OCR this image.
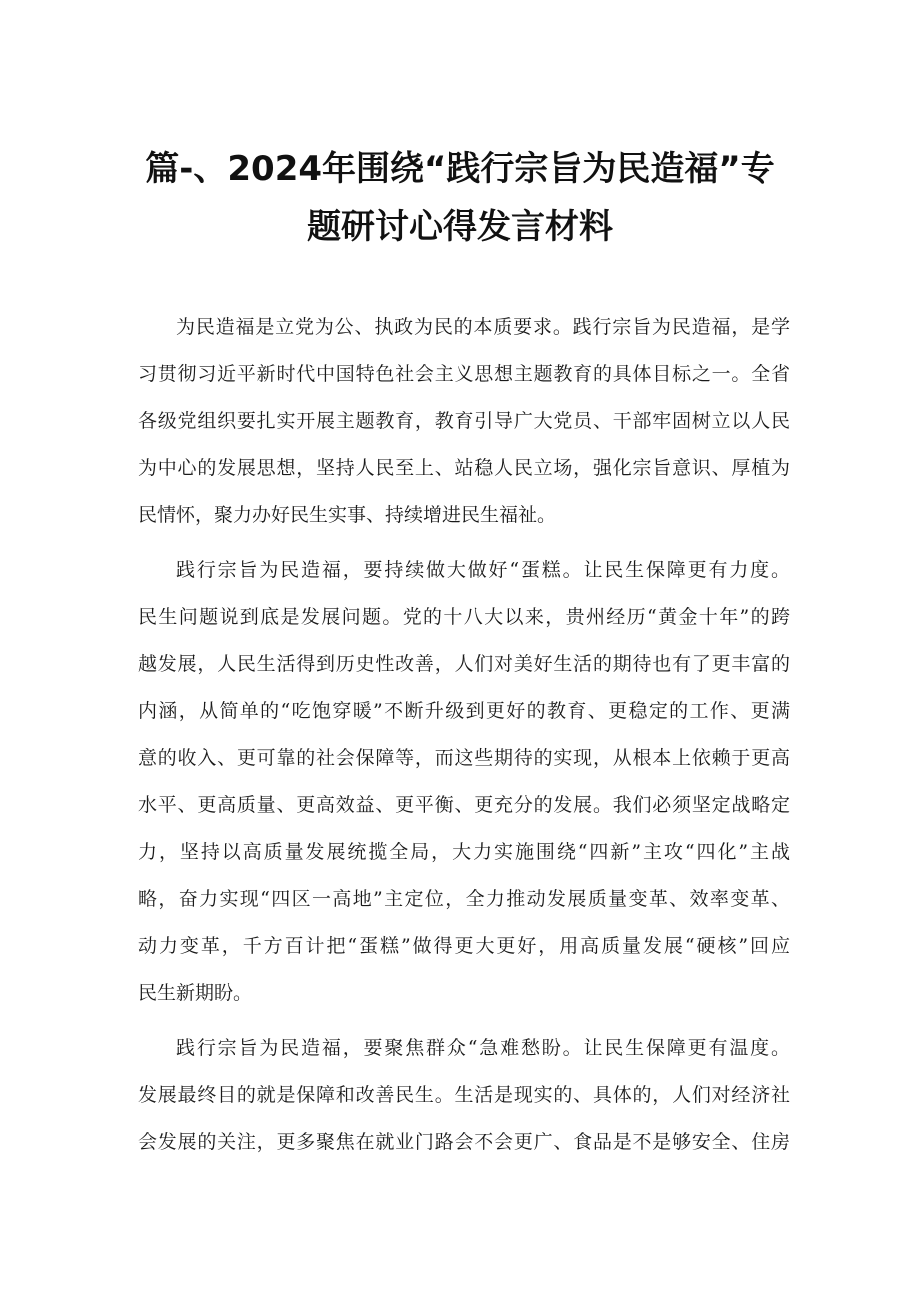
篇-、2024年围绕“践行宗旨为民造福”专
题研讨心得发言材料

为民造福是立党为公、执政为民的本质要求。践行宗旨为民造福，是学
习贯彻习近平新时代中国特色社会主义思想主题教育的具体目标之一。全省
各级党组织要扎实开展主题教育，教育引导广大党员、干部牢固树立以人民
为中心的发展思想，坚持人民至上、站稳人民立场，强化宗旨意识、厚植为
民情怀，聚力办好民生实事、持续增进民生福祉。

践行宗旨为民造福，要持续做大做好“蛋糕。让民生保障更有力度。
民生问题说到底是发展问题。党的十八大以来，贵州经历“黄金十年”的跨
越发展，人民生活得到历史性改善，人们对美好生活的期待也有了更丰富的
内涵，从简单的“吃饱穿暖”不断升级到更好的教育、更稳定的工作、更满
意的收入、更可靠的社会保障等，而这些期待的实现，从根本上依赖于更高
水平、更高质量、更高效益、更平衡、更充分的发展。我们必须坚定战略定
力，坚持以高质量发展统揽全局，大力实施围绕“四新”主攻“四化”主战
略，奋力实现“四区一高地”主定位，全力推动发展质量变革、效率变革、
动力变革，千方百计把“蛋糕”做得更大更好，用高质量发展“硬核”回应
民生新期盼。

践行宗旨为民造福，要聚焦群众“急难愁盼。让民生保障更有温度。
发展最终目的就是保障和改善民生。生活是现实的、具体的，人们对经济社
会发展的关注，更多聚焦在就业门路会不会更广、食品是不是够安全、住房
